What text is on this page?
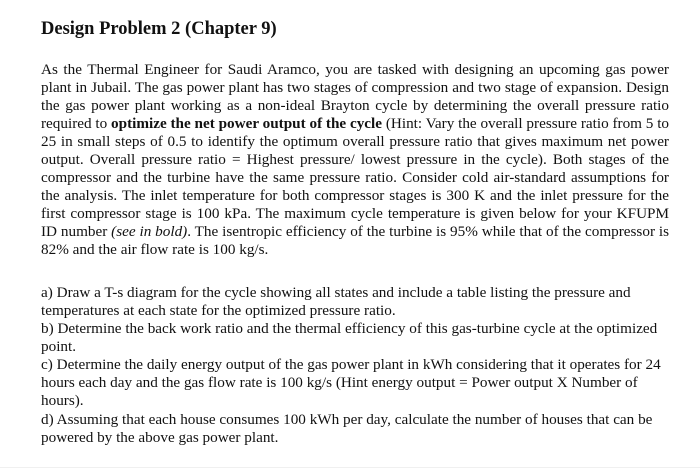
Design Problem 2 (Chapter 9)

As the Thermal Engineer for Saudi Aramco, you are tasked with designing an upcoming gas power plant in Jubail. The gas power plant has two stages of compression and two stage of expansion. Design the gas power plant working as a non-ideal Brayton cycle by determining the overall pressure ratio required to optimize the net power output of the cycle (Hint: Vary the overall pressure ratio from 5 to 25 in small steps of 0.5 to identify the optimum overall pressure ratio that gives maximum net power output. Overall pressure ratio = Highest pressure/ lowest pressure in the cycle). Both stages of the compressor and the turbine have the same pressure ratio. Consider cold air-standard assumptions for the analysis. The inlet temperature for both compressor stages is 300 K and the inlet pressure for the first compressor stage is 100 kPa. The maximum cycle temperature is given below for your KFUPM ID number (see in bold). The isentropic efficiency of the turbine is 95% while that of the compressor is 82% and the air flow rate is 100 kg/s.

a) Draw a T-s diagram for the cycle showing all states and include a table listing the pressure and temperatures at each state for the optimized pressure ratio.

b) Determine the back work ratio and the thermal efficiency of this gas-turbine cycle at the optimized point.

c) Determine the daily energy output of the gas power plant in kWh considering that it operates for 24 hours each day and the gas flow rate is 100 kg/s (Hint energy output = Power output X Number of hours).

d) Assuming that each house consumes 100 kWh per day, calculate the number of houses that can be powered by the above gas power plant.
